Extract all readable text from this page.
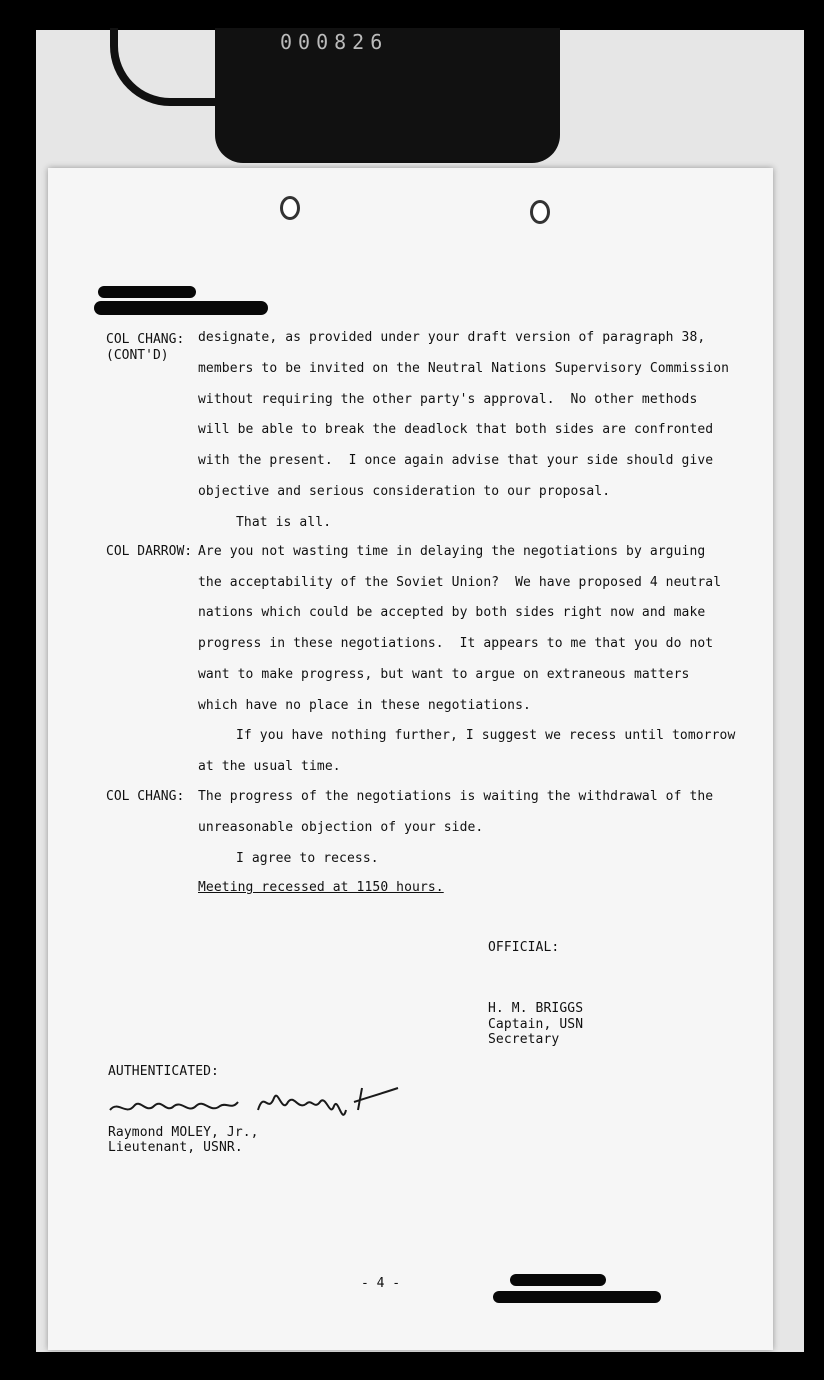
000826
COL CHANG:
(CONT'D)
designate, as provided under your draft version of paragraph 38,
members to be invited on the Neutral Nations Supervisory Commission
without requiring the other party's approval.  No other methods
will be able to break the deadlock that both sides are confronted
with the present.  I once again advise that your side should give
objective and serious consideration to our proposal.
That is all.
COL DARROW: Are you not wasting time in delaying the negotiations by arguing
the acceptability of the Soviet Union?  We have proposed 4 neutral
nations which could be accepted by both sides right now and make
progress in these negotiations.  It appears to me that you do not
want to make progress, but want to argue on extraneous matters
which have no place in these negotiations.
If you have nothing further, I suggest we recess until tomorrow
at the usual time.
COL CHANG: The progress of the negotiations is waiting the withdrawal of the
unreasonable objection of your side.
I agree to recess.
Meeting recessed at 1150 hours.
OFFICIAL:
H. M. BRIGGS
Captain, USN
Secretary
AUTHENTICATED:
Raymond MOLEY, Jr.,
Lieutenant, USNR.
- 4 -
